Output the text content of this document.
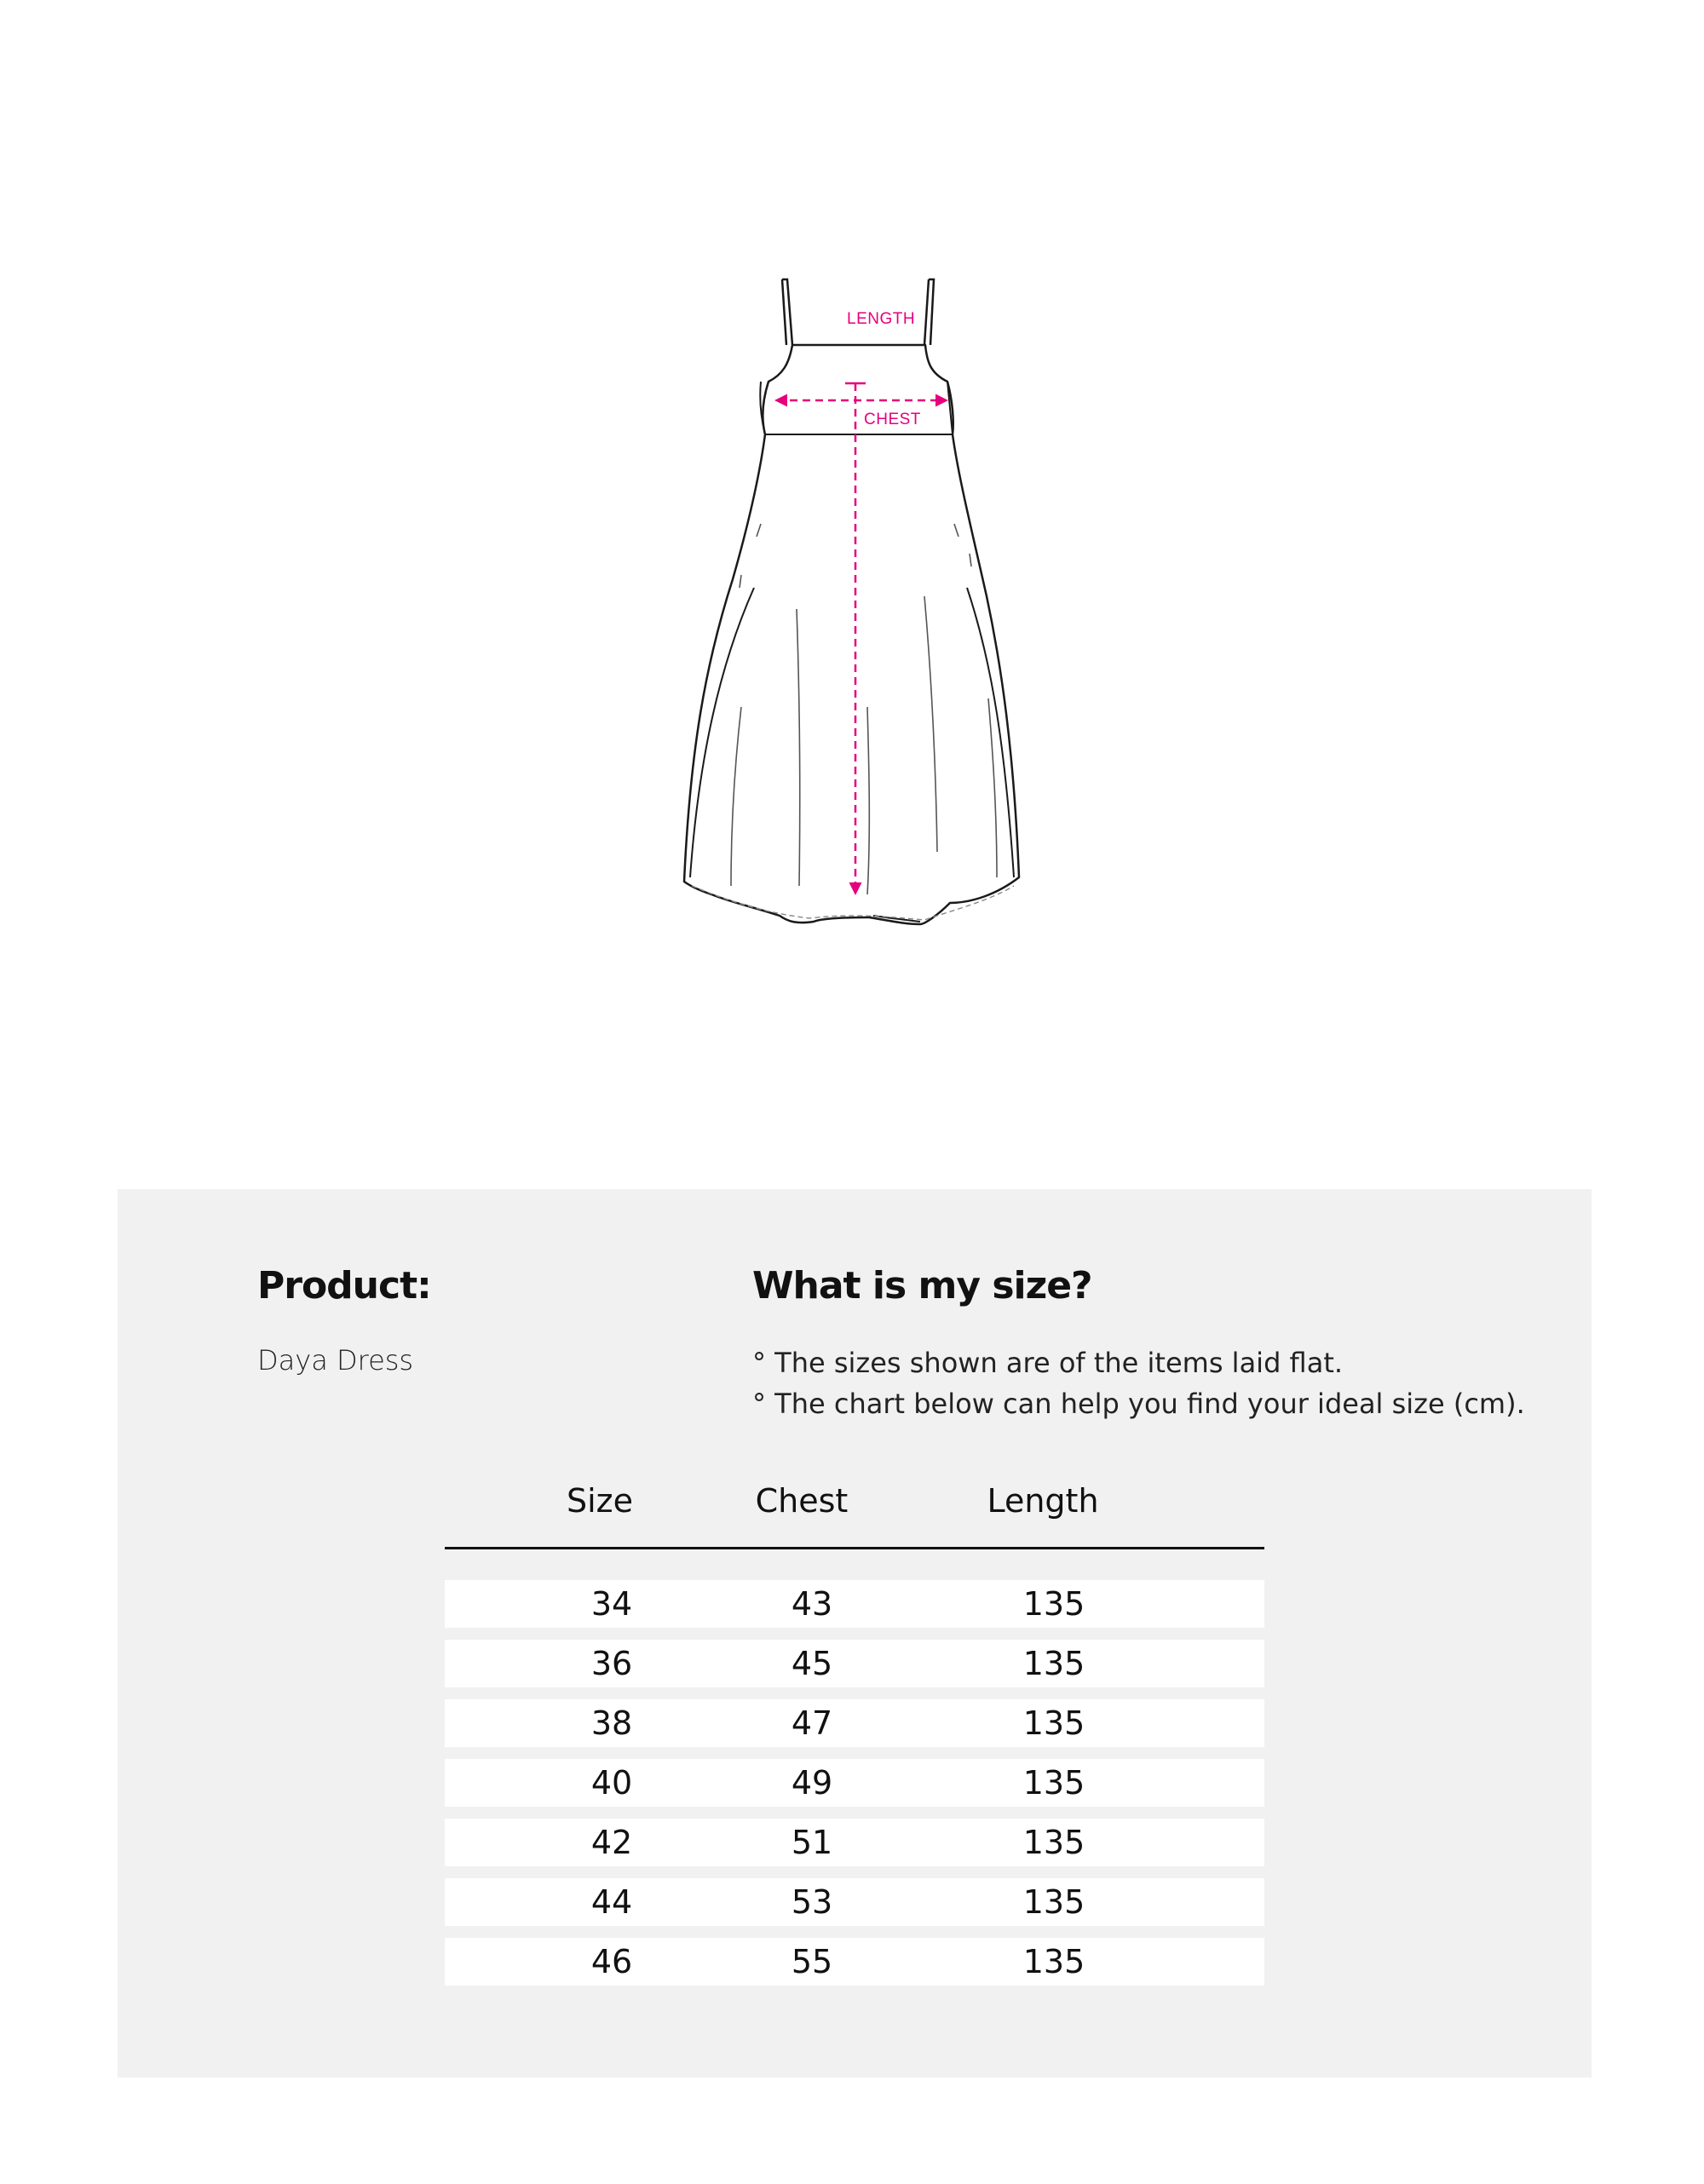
LENGTH
CHEST
Product:
Daya Dress
What is my size?
° The sizes shown are of the items laid flat.
° The chart below can help you find your ideal size (cm).
Size	Chest	Length
34	43	135
36	45	135
38	47	135
40	49	135
42	51	135
44	53	135
46	55	135
